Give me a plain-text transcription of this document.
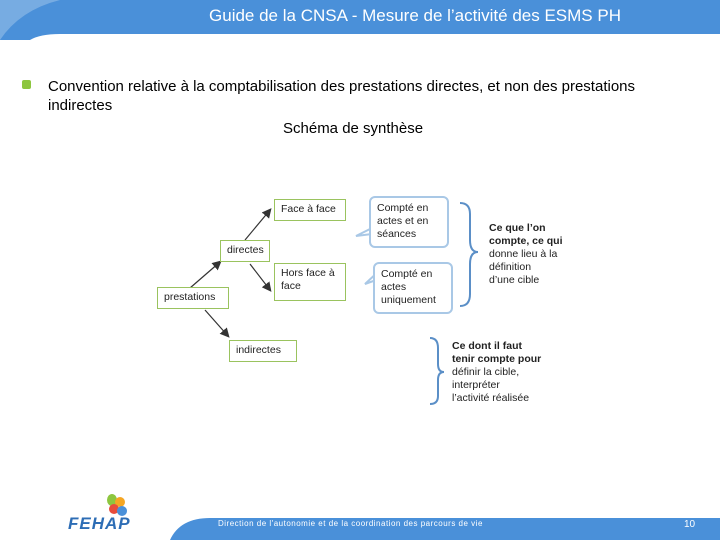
Guide de la CNSA - Mesure de l’activité des ESMS PH
Convention relative à la comptabilisation des prestations directes, et non des prestations indirectes
Schéma de synthèse
prestations
directes
indirectes
Face à face
Hors face à
face
Compté en
actes et en
séances
Compté en
actes
uniquement
Ce que l’on
compte, ce qui
donne lieu à la
définition
d’une cible
Ce dont il faut
tenir compte pour
définir la cible,
interpréter
l’activité réalisée
FEHAP	Direction de l'autonomie et de la coordination des parcours de vie	10
